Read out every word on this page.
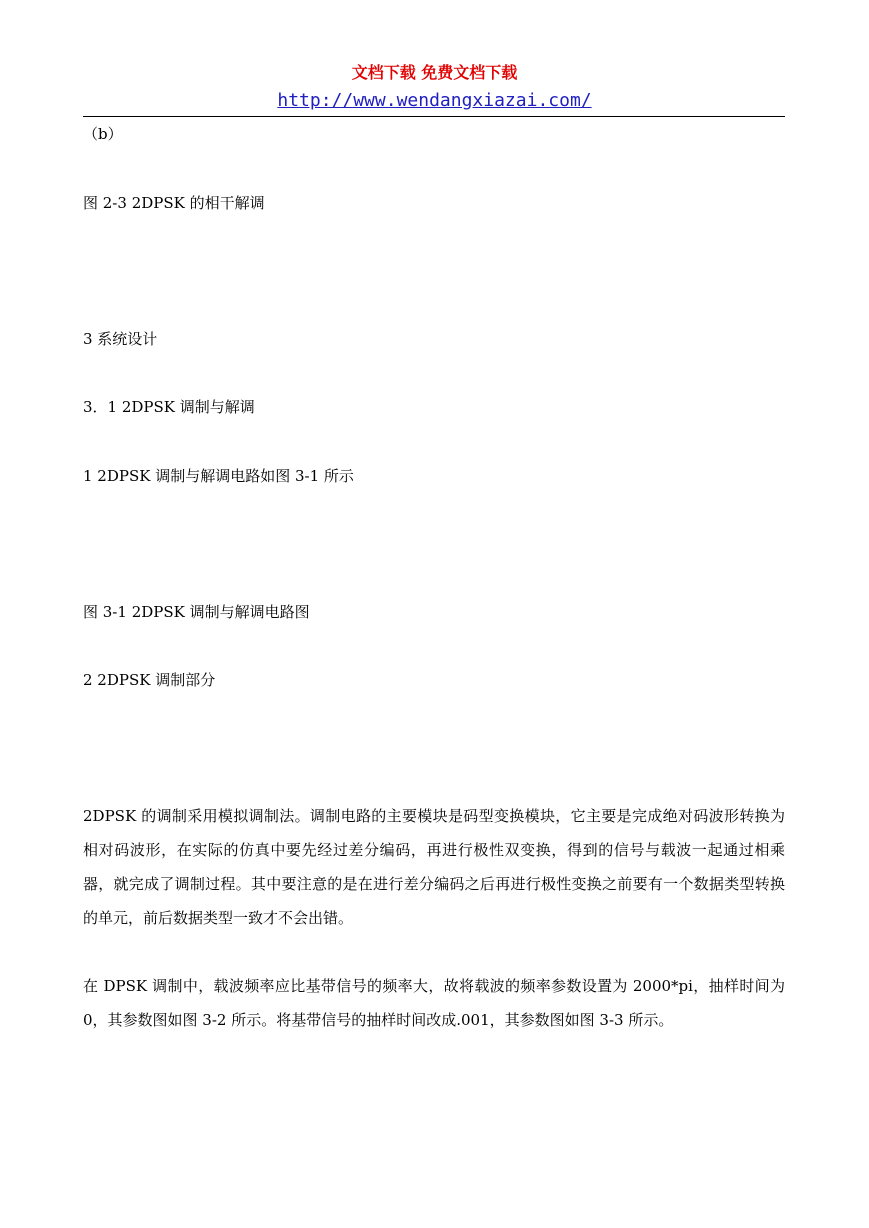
文档下载 免费文档下载
http://www.wendangxiazai.com/
（b）
图 2-3 2DPSK 的相干解调
3 系统设计
3．1 2DPSK 调制与解调
1 2DPSK 调制与解调电路如图 3-1 所示
图 3-1 2DPSK 调制与解调电路图
2 2DPSK 调制部分
2DPSK 的调制采用模拟调制法。调制电路的主要模块是码型变换模块，它主要是完成绝对码波形转换为相对码波形，在实际的仿真中要先经过差分编码，再进行极性双变换，得到的信号与载波一起通过相乘器，就完成了调制过程。其中要注意的是在进行差分编码之后再进行极性变换之前要有一个数据类型转换的单元，前后数据类型一致才不会出错。
在 DPSK 调制中，载波频率应比基带信号的频率大，故将载波的频率参数设置为 2000*pi，抽样时间为 0，其参数图如图 3-2 所示。将基带信号的抽样时间改成.001，其参数图如图 3-3 所示。
